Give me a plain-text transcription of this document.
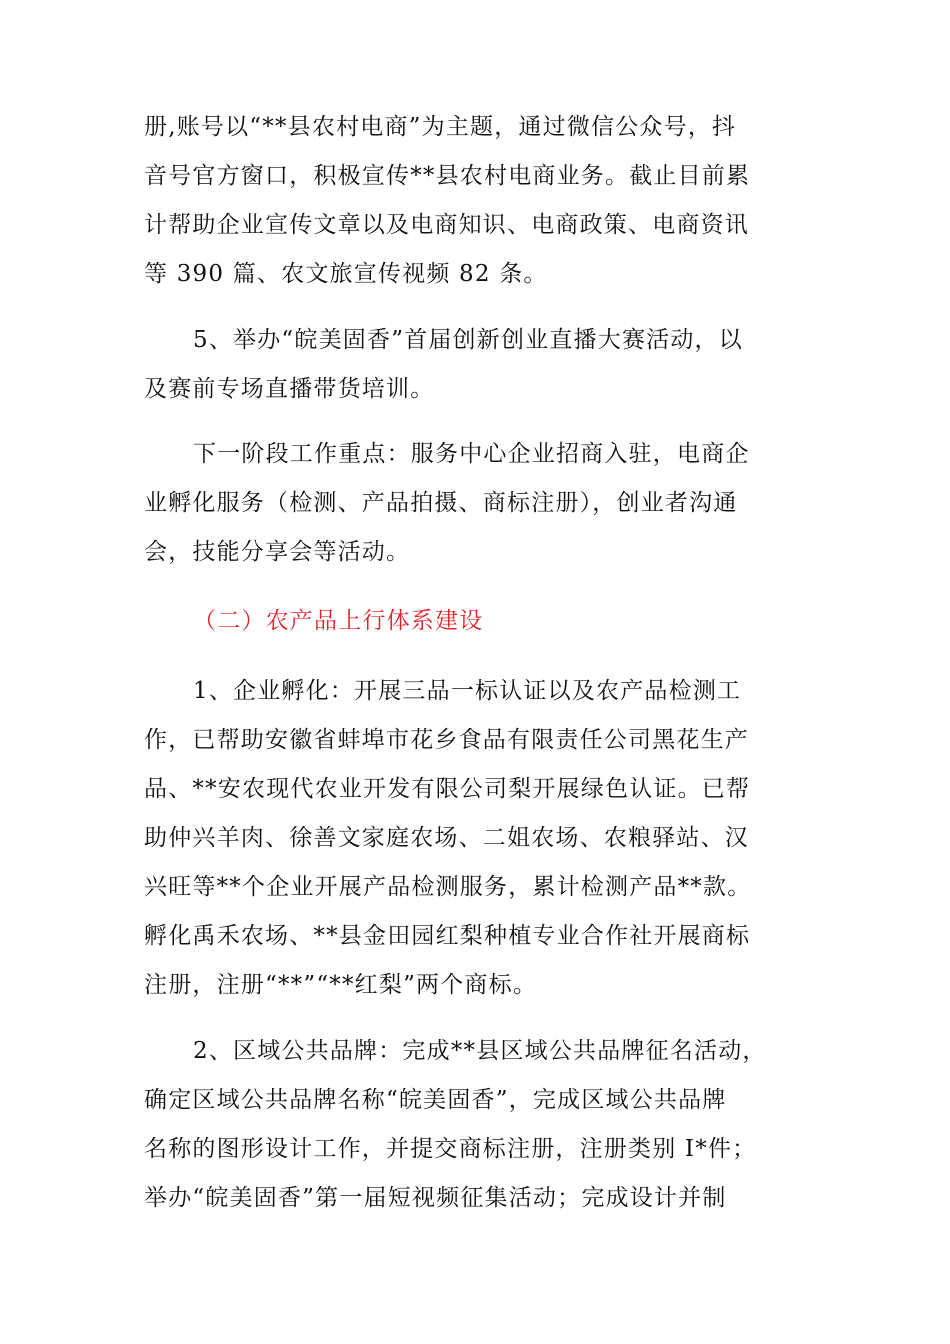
册,账号以“**县农村电商”为主题，通过微信公众号，抖
音号官方窗口，积极宣传**县农村电商业务。截止目前累
计帮助企业宣传文章以及电商知识、电商政策、电商资讯
等 390 篇、农文旅宣传视频 82 条。
5、举办“皖美固香”首届创新创业直播大赛活动，以
及赛前专场直播带货培训。
下一阶段工作重点：服务中心企业招商入驻，电商企
业孵化服务（检测、产品拍摄、商标注册），创业者沟通
会，技能分享会等活动。
（二）农产品上行体系建设
1、企业孵化：开展三品一标认证以及农产品检测工
作，已帮助安徽省蚌埠市花乡食品有限责任公司黑花生产
品、**安农现代农业开发有限公司梨开展绿色认证。已帮
助仲兴羊肉、徐善文家庭农场、二姐农场、农粮驿站、汉
兴旺等**个企业开展产品检测服务，累计检测产品**款。
孵化禹禾农场、**县金田园红梨种植专业合作社开展商标
注册，注册“**”“**红梨”两个商标。
2、区域公共品牌：完成**县区域公共品牌征名活动，
确定区域公共品牌名称“皖美固香”，完成区域公共品牌
名称的图形设计工作，并提交商标注册，注册类别 I*件；
举办“皖美固香”第一届短视频征集活动；完成设计并制
